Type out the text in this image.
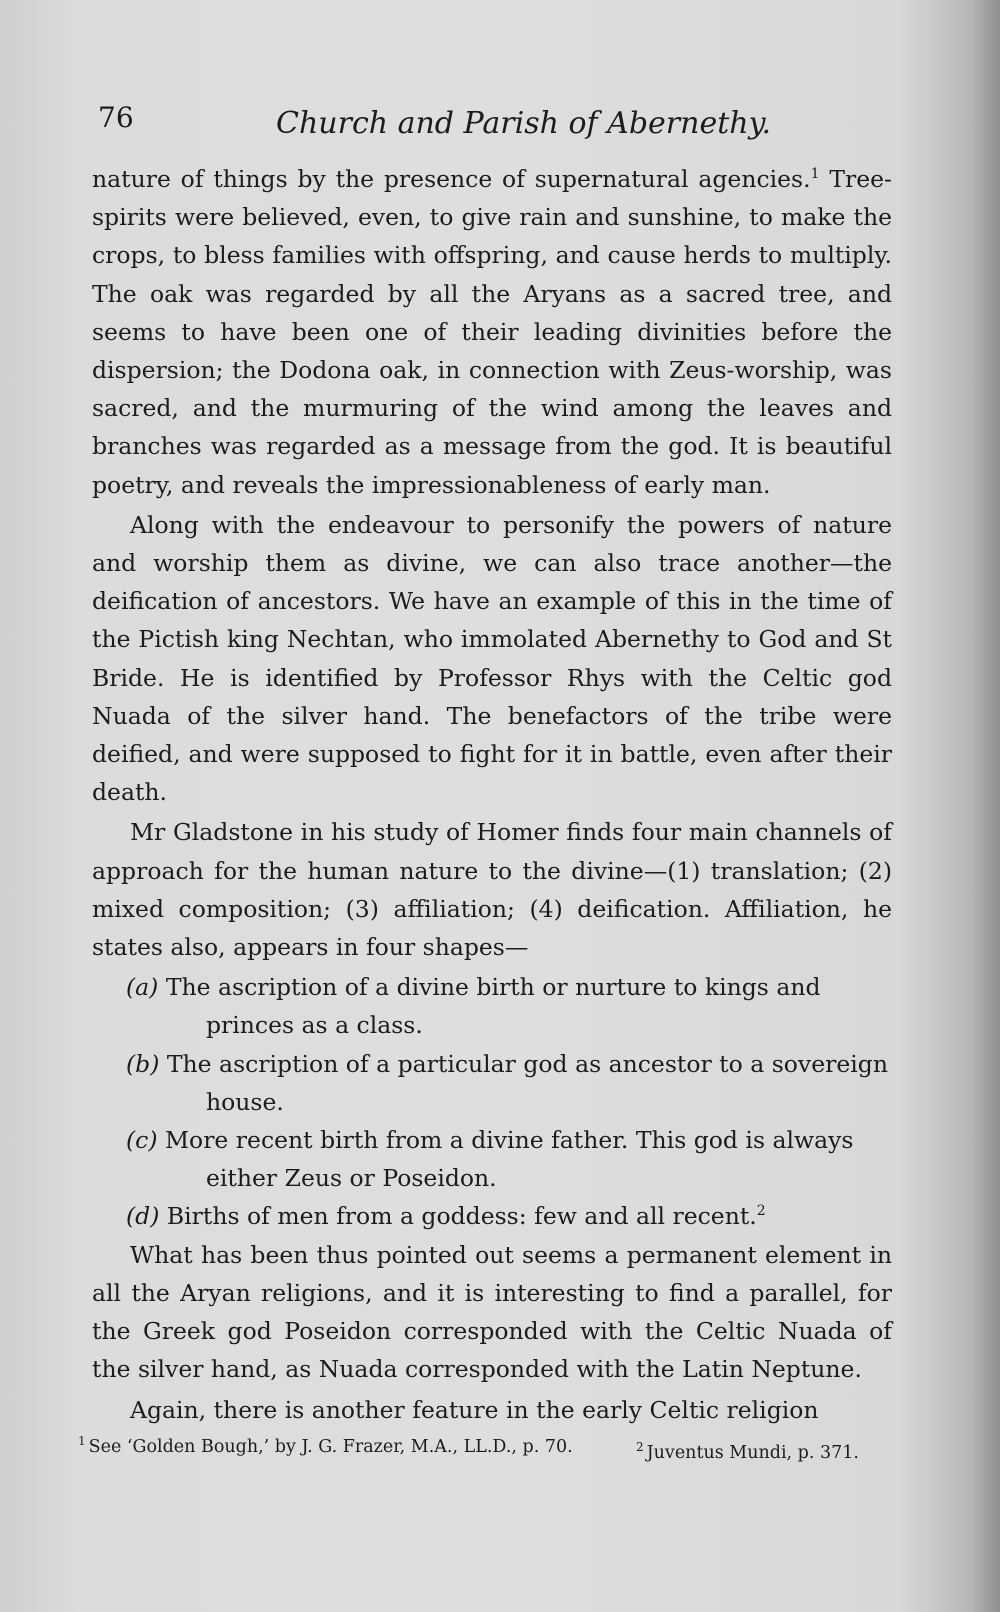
76	Church and Parish of Abernethy.

nature of things by the presence of supernatural agencies.$^1$ Tree-spirits were believed, even, to give rain and sunshine, to make the crops, to bless families with offspring, and cause herds to multiply. The oak was regarded by all the Aryans as a sacred tree, and seems to have been one of their leading divinities before the dispersion; the Dodona oak, in connection with Zeus-worship, was sacred, and the murmuring of the wind among the leaves and branches was regarded as a message from the god. It is beautiful poetry, and reveals the impressionableness of early man.

Along with the endeavour to personify the powers of nature and worship them as divine, we can also trace another—the deification of ancestors. We have an example of this in the time of the Pictish king Nechtan, who immolated Abernethy to God and St Bride. He is identified by Professor Rhys with the Celtic god Nuada of the silver hand. The benefactors of the tribe were deified, and were supposed to fight for it in battle, even after their death.

Mr Gladstone in his study of Homer finds four main channels of approach for the human nature to the divine—(1) translation; (2) mixed composition; (3) affiliation; (4) deification. Affiliation, he states also, appears in four shapes—

(a) The ascription of a divine birth or nurture to kings and princes as a class.

(b) The ascription of a particular god as ancestor to a sovereign house.

(c) More recent birth from a divine father. This god is always either Zeus or Poseidon.

(d) Births of men from a goddess: few and all recent.$^2$

What has been thus pointed out seems a permanent element in all the Aryan religions, and it is interesting to find a parallel, for the Greek god Poseidon corresponded with the Celtic Nuada of the silver hand, as Nuada corresponded with the Latin Neptune.

Again, there is another feature in the early Celtic religion

$^1$ See ‘Golden Bough,’ by J. G. Frazer, M.A., LL.D., p. 70.	$^2$ Juventus Mundi, p. 371.
